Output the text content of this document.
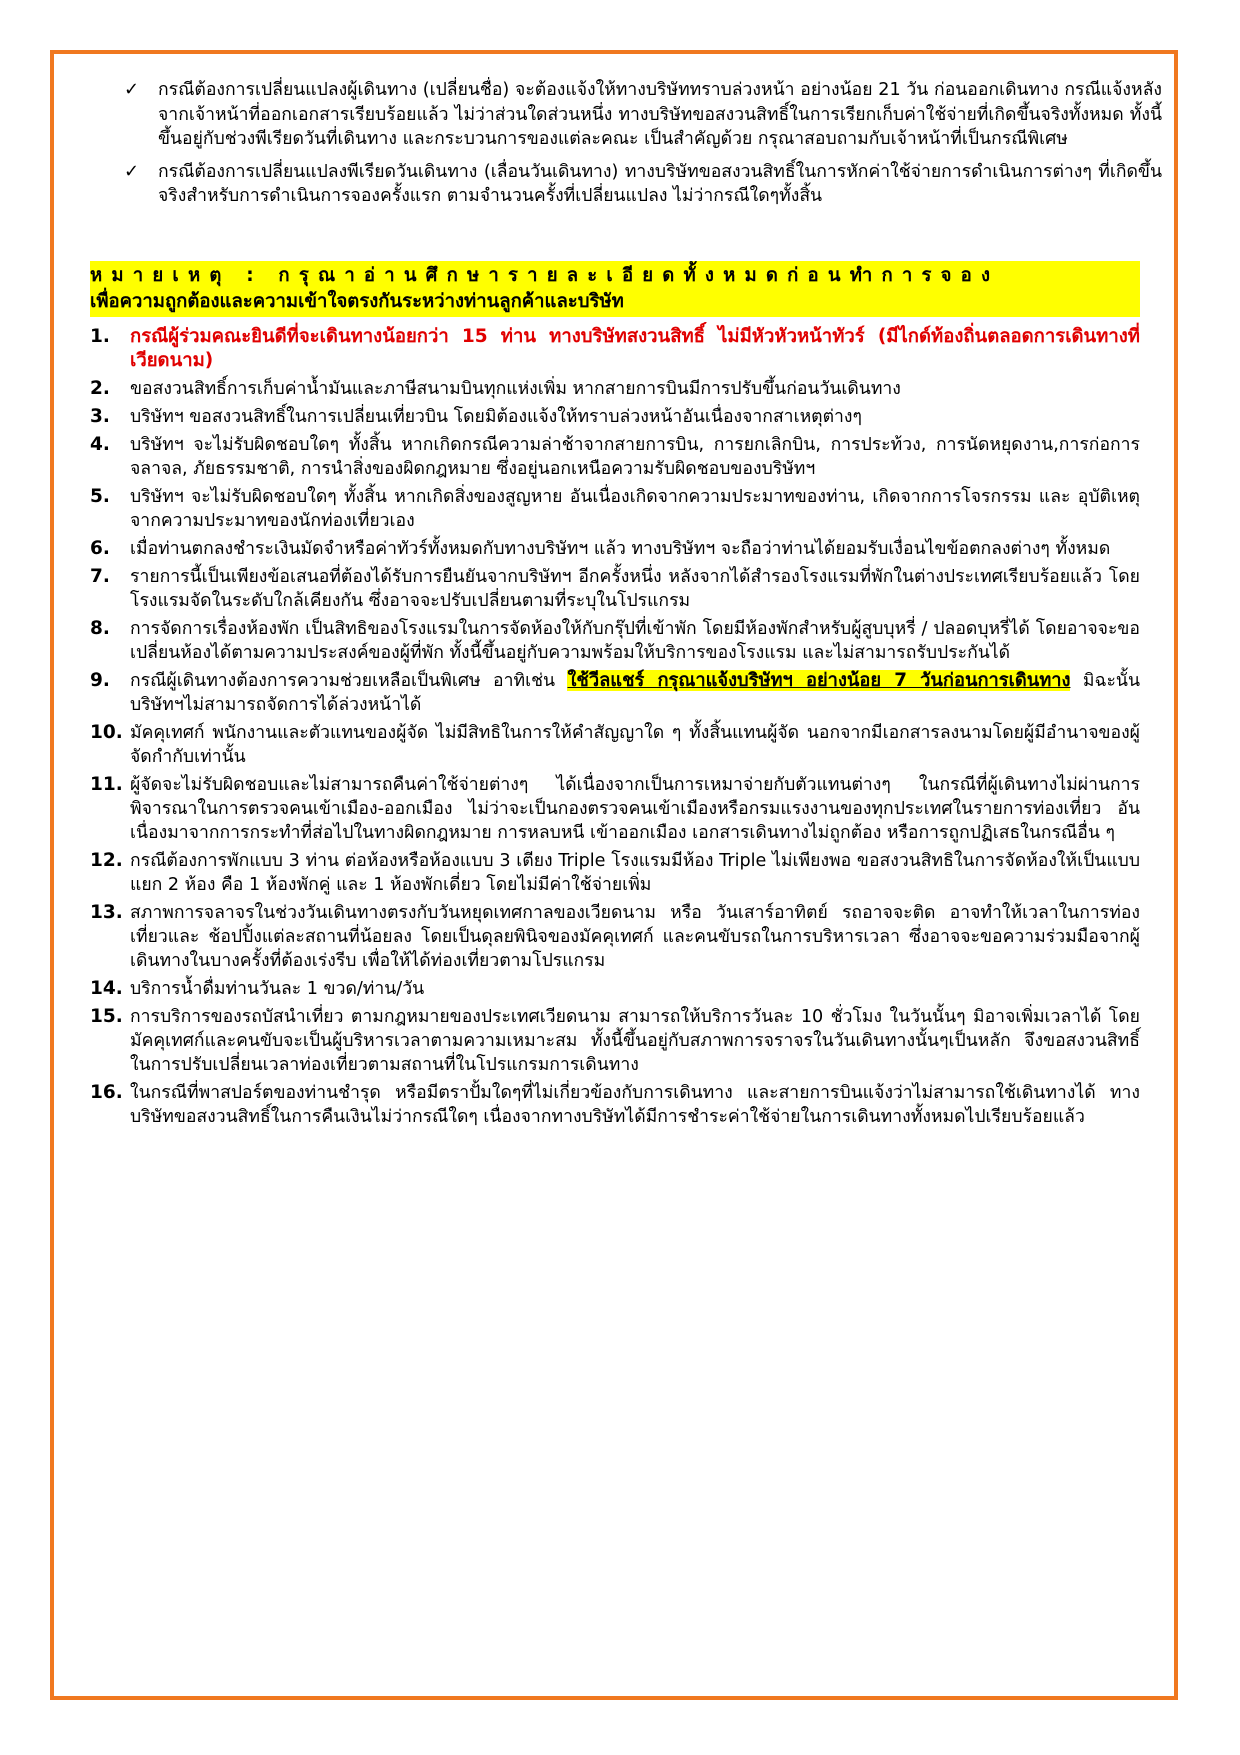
✓ กรณีต้องการเปลี่ยนแปลงผู้เดินทาง (เปลี่ยนชื่อ) จะต้องแจ้งให้ทางบริษัททราบล่วงหน้า อย่างน้อย 21 วัน ก่อนออกเดินทาง กรณีแจ้งหลังจากเจ้าหน้าที่ออกเอกสารเรียบร้อยแล้ว ไม่ว่าส่วนใดส่วนหนึ่ง ทางบริษัทขอสงวนสิทธิ์ในการเรียกเก็บค่าใช้จ่ายที่เกิดขึ้นจริงทั้งหมด ทั้งนี้ขึ้นอยู่กับช่วงพีเรียดวันที่เดินทาง และกระบวนการของแต่ละคณะ เป็นสำคัญด้วย กรุณาสอบถามกับเจ้าหน้าที่เป็นกรณีพิเศษ
✓ กรณีต้องการเปลี่ยนแปลงพีเรียดวันเดินทาง (เลื่อนวันเดินทาง) ทางบริษัทขอสงวนสิทธิ์ในการหักค่าใช้จ่ายการดำเนินการต่างๆ ที่เกิดขึ้นจริงสำหรับการดำเนินการจองครั้งแรก ตามจำนวนครั้งที่เปลี่ยนแปลง ไม่ว่ากรณีใดๆทั้งสิ้น
หมายเหตุ : กรุณาอ่านศึกษารายละเอียดทั้งหมดก่อนทำการจอง
เพื่อความถูกต้องและความเข้าใจตรงกันระหว่างท่านลูกค้าและบริษัท
1. กรณีผู้ร่วมคณะยินดีที่จะเดินทางน้อยกว่า 15 ท่าน ทางบริษัทสงวนสิทธิ์ ไม่มีหัวหัวหน้าทัวร์ (มีไกด์ท้องถิ่นตลอดการเดินทางที่เวียดนาม)
2. ขอสงวนสิทธิ์การเก็บค่าน้ำมันและภาษีสนามบินทุกแห่งเพิ่ม หากสายการบินมีการปรับขึ้นก่อนวันเดินทาง
3. บริษัทฯ ขอสงวนสิทธิ์ในการเปลี่ยนเที่ยวบิน โดยมิต้องแจ้งให้ทราบล่วงหน้าอันเนื่องจากสาเหตุต่างๆ
4. บริษัทฯ จะไม่รับผิดชอบใดๆ ทั้งสิ้น หากเกิดกรณีความล่าช้าจากสายการบิน, การยกเลิกบิน, การประท้วง, การนัดหยุดงาน,การก่อการจลาจล, ภัยธรรมชาติ, การนำสิ่งของผิดกฎหมาย ซึ่งอยู่นอกเหนือความรับผิดชอบของบริษัทฯ
5. บริษัทฯ จะไม่รับผิดชอบใดๆ ทั้งสิ้น หากเกิดสิ่งของสูญหาย อันเนื่องเกิดจากความประมาทของท่าน, เกิดจากการโจรกรรม และ อุบัติเหตุจากความประมาทของนักท่องเที่ยวเอง
6. เมื่อท่านตกลงชำระเงินมัดจำหรือค่าทัวร์ทั้งหมดกับทางบริษัทฯ แล้ว ทางบริษัทฯ จะถือว่าท่านได้ยอมรับเงื่อนไขข้อตกลงต่างๆ ทั้งหมด
7. รายการนี้เป็นเพียงข้อเสนอที่ต้องได้รับการยืนยันจากบริษัทฯ อีกครั้งหนึ่ง หลังจากได้สำรองโรงแรมที่พักในต่างประเทศเรียบร้อยแล้ว โดยโรงแรมจัดในระดับใกล้เคียงกัน ซึ่งอาจจะปรับเปลี่ยนตามที่ระบุในโปรแกรม
8. การจัดการเรื่องห้องพัก เป็นสิทธิของโรงแรมในการจัดห้องให้กับกรุ๊ปที่เข้าพัก โดยมีห้องพักสำหรับผู้สูบบุหรี่ / ปลอดบุหรี่ได้ โดยอาจจะขอเปลี่ยนห้องได้ตามความประสงค์ของผู้ที่พัก ทั้งนี้ขึ้นอยู่กับความพร้อมให้บริการของโรงแรม และไม่สามารถรับประกันได้
9. กรณีผู้เดินทางต้องการความช่วยเหลือเป็นพิเศษ อาทิเช่น ใช้วีลแชร์ กรุณาแจ้งบริษัทฯ อย่างน้อย 7 วันก่อนการเดินทาง มิฉะนั้นบริษัทฯไม่สามารถจัดการได้ล่วงหน้าได้
10. มัคคุเทศก์ พนักงานและตัวแทนของผู้จัด ไม่มีสิทธิในการให้คำสัญญาใด ๆ ทั้งสิ้นแทนผู้จัด นอกจากมีเอกสารลงนามโดยผู้มีอำนาจของผู้จัดกำกับเท่านั้น
11. ผู้จัดจะไม่รับผิดชอบและไม่สามารถคืนค่าใช้จ่ายต่างๆ ได้เนื่องจากเป็นการเหมาจ่ายกับตัวแทนต่างๆ ในกรณีที่ผู้เดินทางไม่ผ่านการพิจารณาในการตรวจคนเข้าเมือง-ออกเมือง ไม่ว่าจะเป็นกองตรวจคนเข้าเมืองหรือกรมแรงงานของทุกประเทศในรายการท่องเที่ยว อันเนื่องมาจากการกระทำที่ส่อไปในทางผิดกฎหมาย การหลบหนี เข้าออกเมือง เอกสารเดินทางไม่ถูกต้อง หรือการถูกปฏิเสธในกรณีอื่น ๆ
12. กรณีต้องการพักแบบ 3 ท่าน ต่อห้องหรือห้องแบบ 3 เตียง Triple โรงแรมมีห้อง Triple ไม่เพียงพอ ขอสงวนสิทธิในการจัดห้องให้เป็นแบบ แยก 2 ห้อง คือ 1 ห้องพักคู่ และ 1 ห้องพักเดี่ยว โดยไม่มีค่าใช้จ่ายเพิ่ม
13. สภาพการจลาจรในช่วงวันเดินทางตรงกับวันหยุดเทศกาลของเวียดนาม หรือ วันเสาร์อาทิตย์ รถอาจจะติด อาจทำให้เวลาในการท่องเที่ยวและ ช้อปปิ้งแต่ละสถานที่น้อยลง โดยเป็นดุลยพินิจของมัคคุเทศก์ และคนขับรถในการบริหารเวลา ซึ่งอาจจะขอความร่วมมือจากผู้เดินทางในบางครั้งที่ต้องเร่งรีบ เพื่อให้ได้ท่องเที่ยวตามโปรแกรม
14. บริการน้ำดื่มท่านวันละ 1 ขวด/ท่าน/วัน
15. การบริการของรถบัสนำเที่ยว ตามกฎหมายของประเทศเวียดนาม สามารถให้บริการวันละ 10 ชั่วโมง ในวันนั้นๆ มิอาจเพิ่มเวลาได้ โดยมัคคุเทศก์และคนขับจะเป็นผู้บริหารเวลาตามความเหมาะสม ทั้งนี้ขึ้นอยู่กับสภาพการจราจรในวันเดินทางนั้นๆเป็นหลัก จึงขอสงวนสิทธิ์ในการปรับเปลี่ยนเวลาท่องเที่ยวตามสถานที่ในโปรแกรมการเดินทาง
16. ในกรณีที่พาสปอร์ตของท่านชำรุด หรือมีตราปั้มใดๆที่ไม่เกี่ยวข้องกับการเดินทาง และสายการบินแจ้งว่าไม่สามารถใช้เดินทางได้ ทางบริษัทขอสงวนสิทธิ์ในการคืนเงินไม่ว่ากรณีใดๆ เนื่องจากทางบริษัทได้มีการชำระค่าใช้จ่ายในการเดินทางทั้งหมดไปเรียบร้อยแล้ว
